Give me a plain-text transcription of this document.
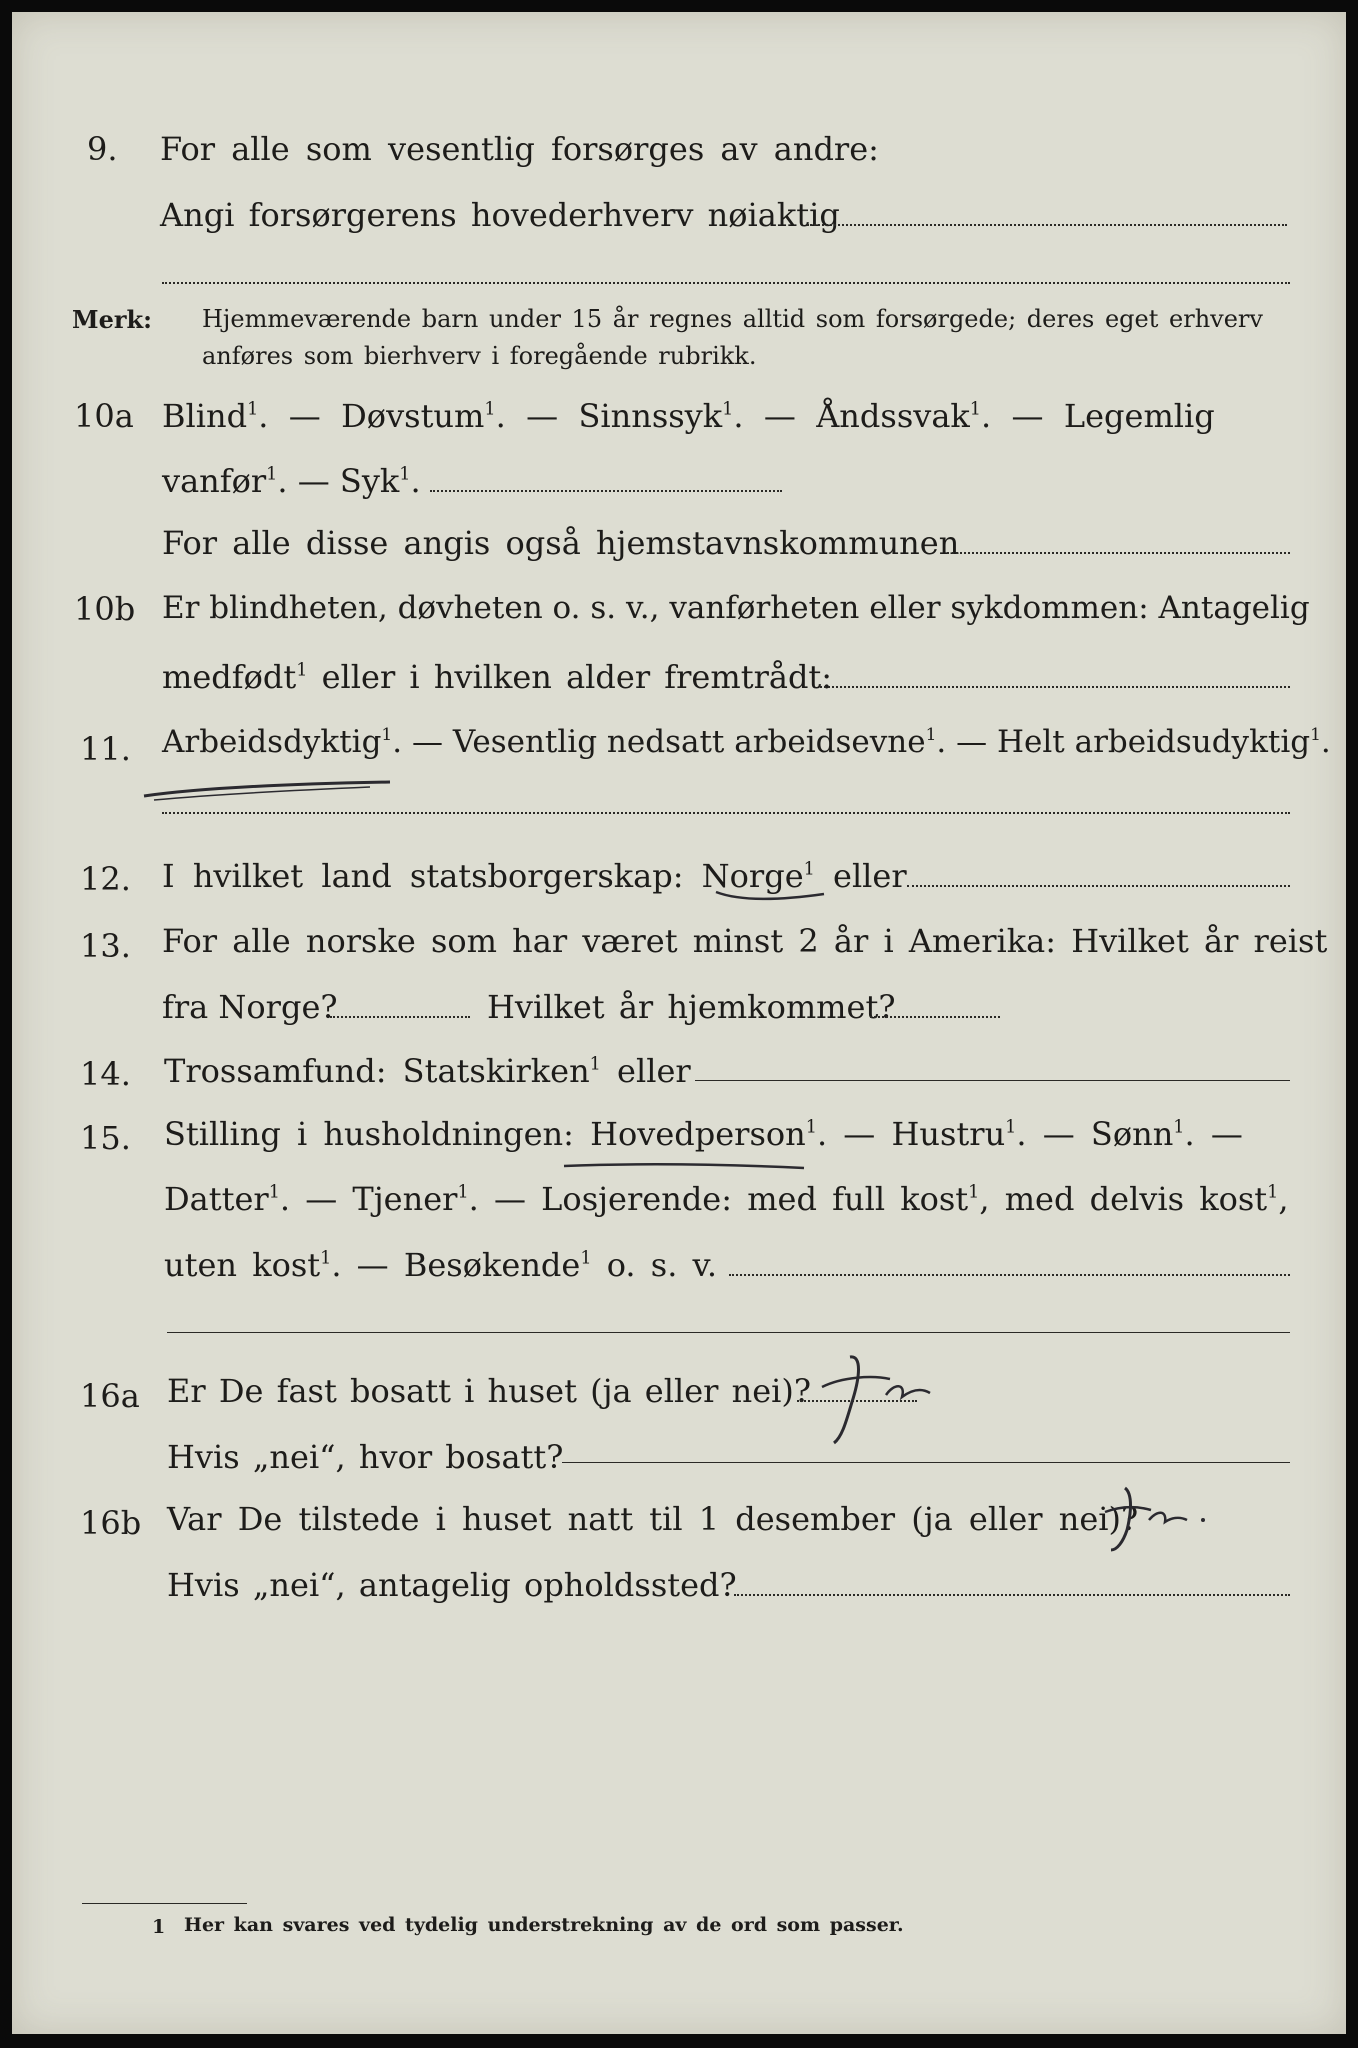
9. For alle som vesentlig forsørges av andre:
Angi forsørgerens hovederhverv nøiaktig
Merk: Hjemmeværende barn under 15 år regnes alltid som forsørgede; deres eget erhverv
anføres som bierhverv i foregående rubrikk.
10a Blind$^1$.  —  Døvstum$^1$.  —  Sinnssyk$^1$.  —  Åndssvak$^1$.  —  Legemlig
vanfør$^1$. — Syk$^1$.
For alle disse angis også hjemstavnskommunen
10b Er blindheten, døvheten o. s. v., vanførheten eller sykdommen: Antagelig
medfødt$^1$ eller i hvilken alder fremtrådt:
11. Arbeidsdyktig$^1$. — Vesentlig nedsatt arbeidsevne$^1$. — Helt arbeidsudyktig$^1$.
12. I hvilket land statsborgerskap: Norge$^1$ eller
13. For alle norske som har været minst 2 år i Amerika: Hvilket år reist
fra Norge?	Hvilket år hjemkommet?
14. Trossamfund: Statskirken$^1$ eller
15. Stilling i husholdningen: Hovedperson$^1$. — Hustru$^1$. — Sønn$^1$. —
Datter$^1$. — Tjener$^1$. — Losjerende: med full kost$^1$, med delvis kost$^1$,
uten kost$^1$. — Besøkende$^1$ o. s. v.
16a Er De fast bosatt i huset (ja eller nei)?
Hvis „nei“, hvor bosatt?
16b Var De tilstede i huset natt til 1 desember (ja eller nei)?
Hvis „nei“, antagelig opholdssted?
1 Her kan svares ved tydelig understrekning av de ord som passer.
